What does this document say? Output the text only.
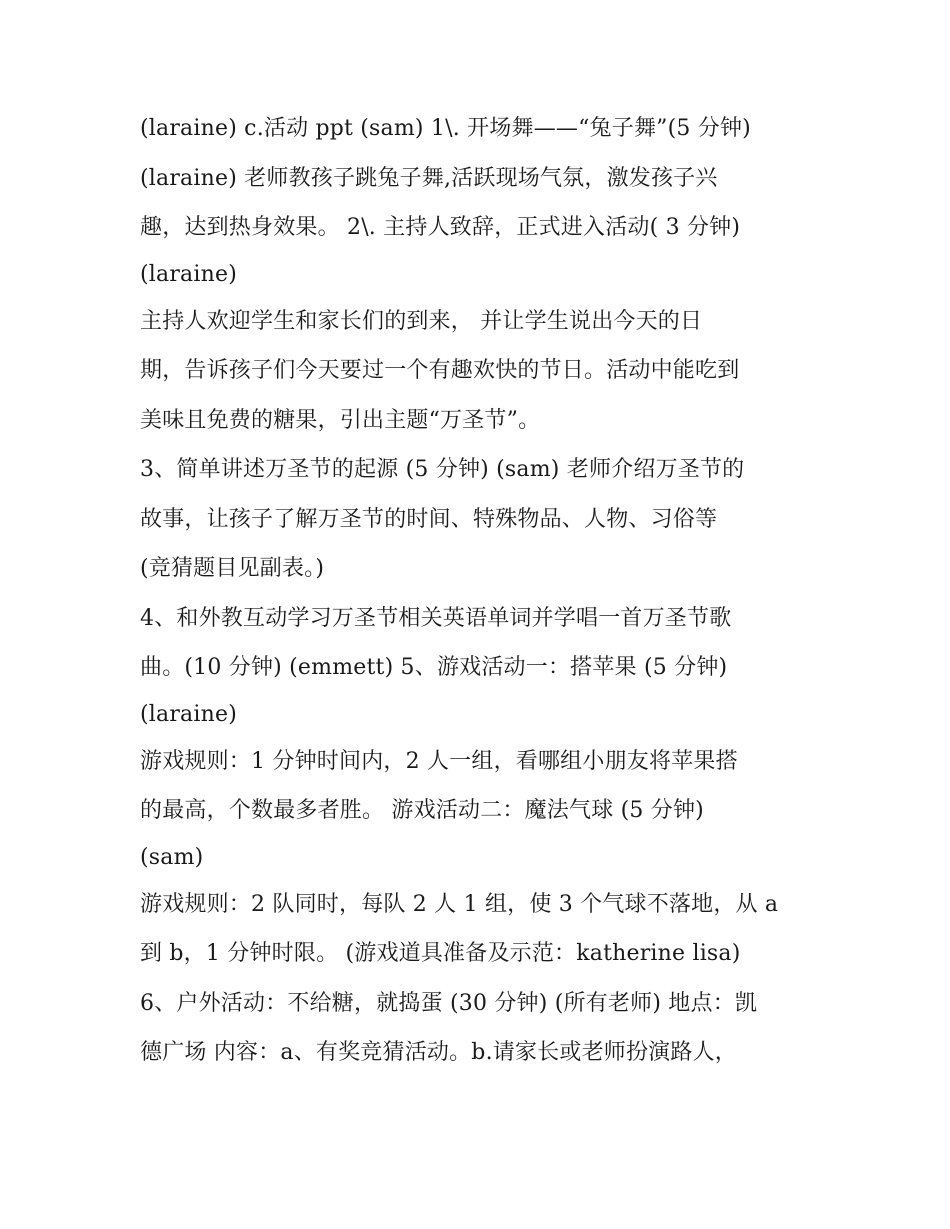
(laraine) c.活动 ppt (sam) 1\. 开场舞——“兔子舞”(5 分钟)
(laraine) 老师教孩子跳兔子舞,活跃现场气氛，激发孩子兴
趣，达到热身效果。 2\. 主持人致辞，正式进入活动( 3 分钟)
(laraine)
主持人欢迎学生和家长们的到来， 并让学生说出今天的日
期，告诉孩子们今天要过一个有趣欢快的节日。活动中能吃到
美味且免费的糖果，引出主题“万圣节”。
3、简单讲述万圣节的起源 (5 分钟) (sam) 老师介绍万圣节的
故事，让孩子了解万圣节的时间、特殊物品、人物、习俗等
(竞猜题目见副表。)
4、和外教互动学习万圣节相关英语单词并学唱一首万圣节歌
曲。(10 分钟) (emmett) 5、游戏活动一：搭苹果 (5 分钟)
(laraine)
游戏规则：1 分钟时间内，2 人一组，看哪组小朋友将苹果搭
的最高，个数最多者胜。 游戏活动二：魔法气球 (5 分钟)
(sam)
游戏规则：2 队同时，每队 2 人 1 组，使 3 个气球不落地，从 a
到 b，1 分钟时限。 (游戏道具准备及示范：katherine lisa)
6、户外活动：不给糖，就捣蛋 (30 分钟) (所有老师) 地点：凯
德广场 内容：a、有奖竞猜活动。b.请家长或老师扮演路人，
